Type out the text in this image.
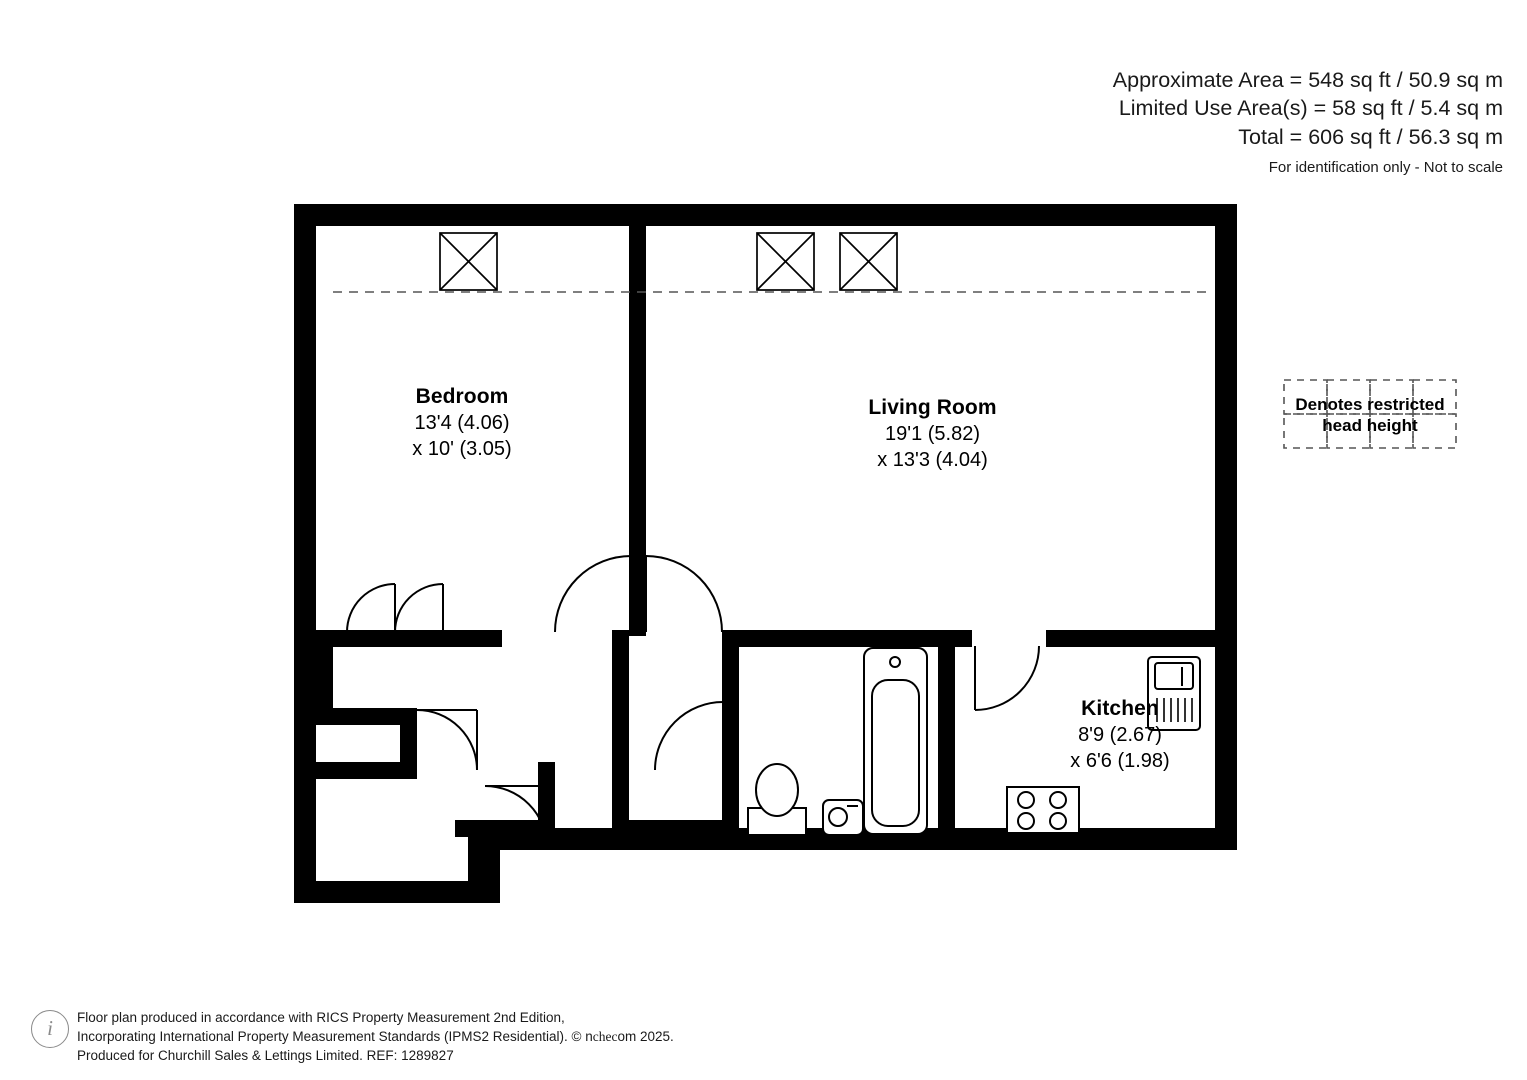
Approximate Area = 548 sq ft / 50.9 sq m
Limited Use Area(s) = 58 sq ft / 5.4 sq m
Total = 606 sq ft / 56.3 sq m
For identification only - Not to scale
Bedroom
13'4 (4.06)
x 10' (3.05)
Living Room
19'1 (5.82)
x 13'3 (4.04)
Kitchen
8'9 (2.67)
x 6'6 (1.98)
Denotes restricted
head height
i	Floor plan produced in accordance with RICS Property Measurement 2nd Edition,
Incorporating International Property Measurement Standards (IPMS2 Residential). © nchecom 2025.
Produced for Churchill Sales & Lettings Limited. REF: 1289827
